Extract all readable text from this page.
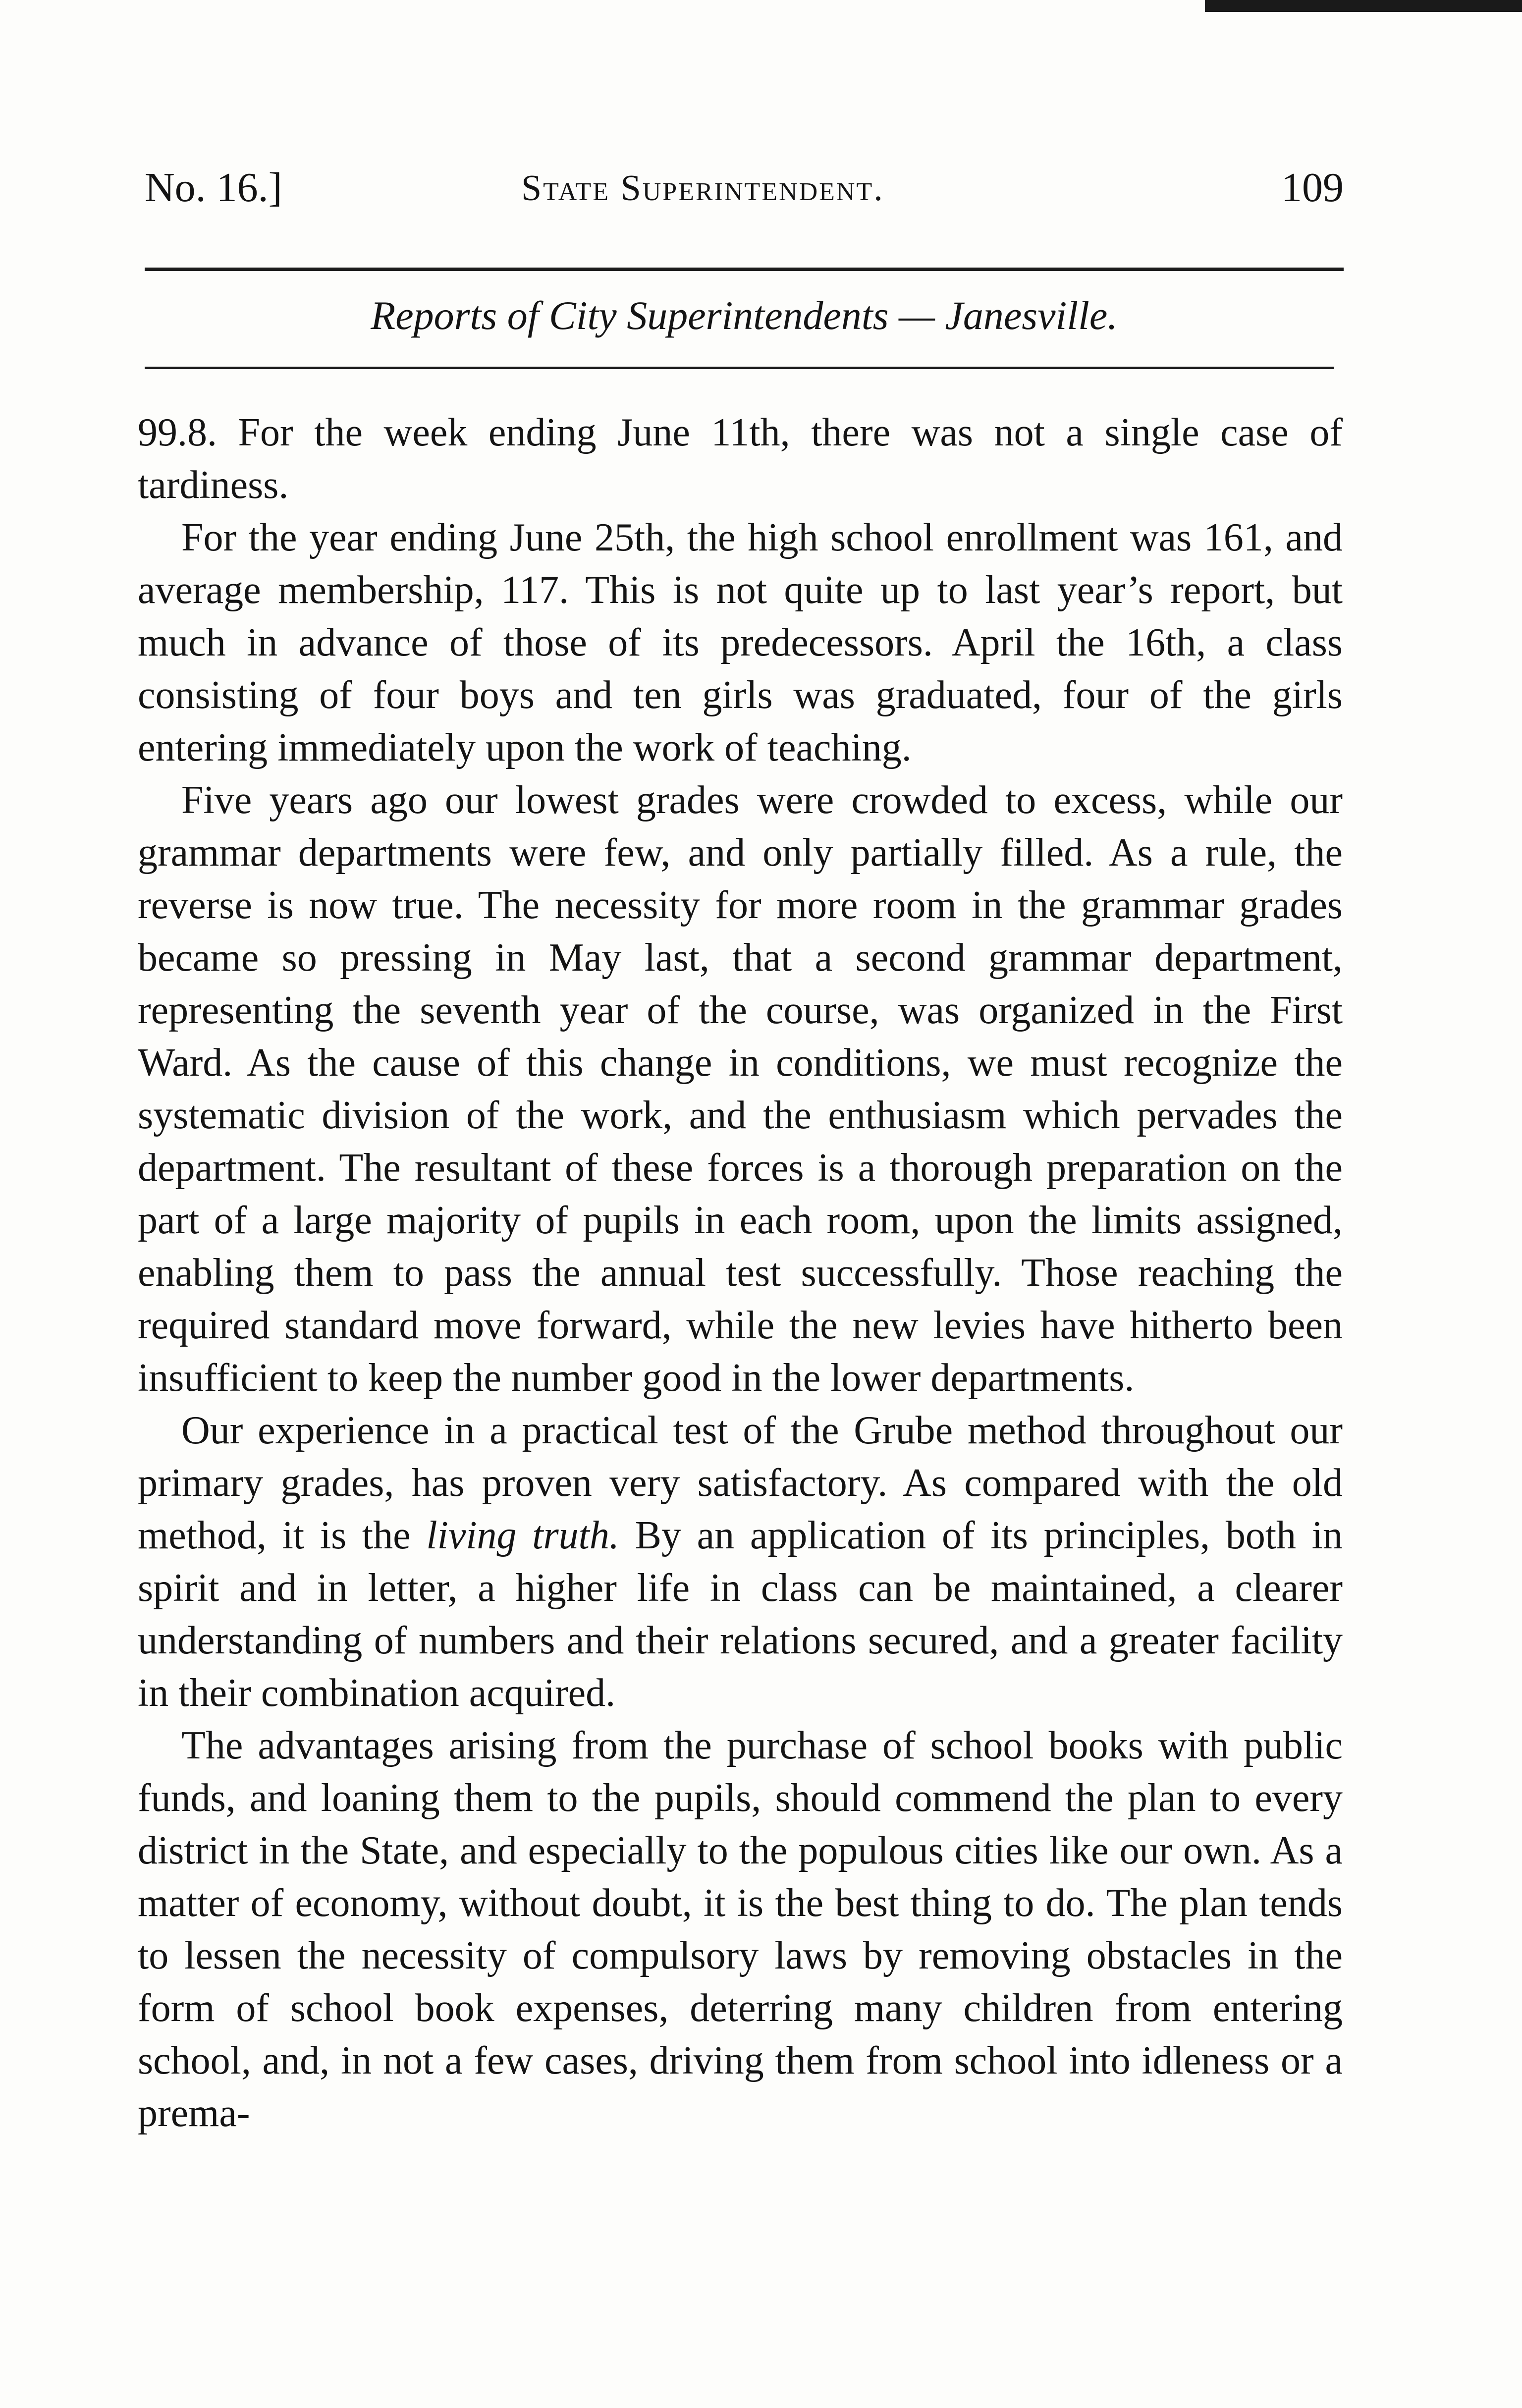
No. 16.]	State Superintendent.	109
Reports of City Superintendents — Janesville.

99.8. For the week ending June 11th, there was not a single case of tardiness.

For the year ending June 25th, the high school enrollment was 161, and average membership, 117. This is not quite up to last year’s report, but much in advance of those of its predecessors. April the 16th, a class consisting of four boys and ten girls was graduated, four of the girls entering immediately upon the work of teaching.

Five years ago our lowest grades were crowded to excess, while our grammar departments were few, and only partially filled. As a rule, the reverse is now true. The necessity for more room in the grammar grades became so pressing in May last, that a second grammar department, representing the seventh year of the course, was organized in the First Ward. As the cause of this change in conditions, we must recognize the systematic division of the work, and the enthusiasm which pervades the department. The resultant of these forces is a thorough preparation on the part of a large majority of pupils in each room, upon the limits assigned, enabling them to pass the annual test successfully. Those reaching the required standard move forward, while the new levies have hitherto been insufficient to keep the number good in the lower departments.

Our experience in a practical test of the Grube method throughout our primary grades, has proven very satisfactory. As compared with the old method, it is the living truth. By an application of its principles, both in spirit and in letter, a higher life in class can be maintained, a clearer understanding of numbers and their relations secured, and a greater facility in their combination acquired.

The advantages arising from the purchase of school books with public funds, and loaning them to the pupils, should commend the plan to every district in the State, and especially to the populous cities like our own. As a matter of economy, without doubt, it is the best thing to do. The plan tends to lessen the necessity of compulsory laws by removing obstacles in the form of school book expenses, deterring many children from entering school, and, in not a few cases, driving them from school into idleness or a prema-
